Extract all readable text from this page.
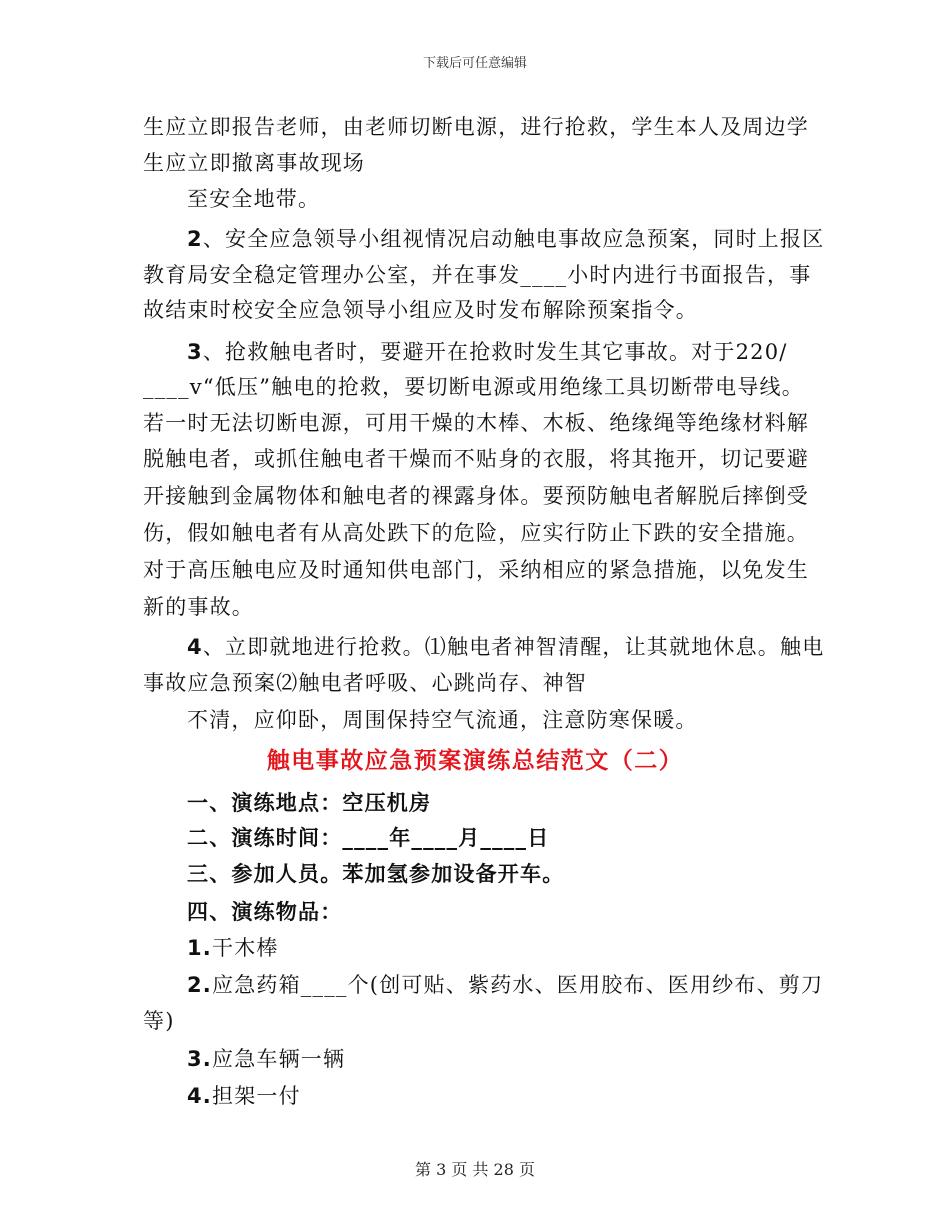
下载后可任意编辑
生应立即报告老师，由老师切断电源，进行抢救，学生本人及周边学
生应立即撤离事故现场
至安全地带。
2、安全应急领导小组视情况启动触电事故应急预案，同时上报区
教育局安全稳定管理办公室，并在事发____小时内进行书面报告，事
故结束时校安全应急领导小组应及时发布解除预案指令。
3、抢救触电者时，要避开在抢救时发生其它事故。对于220/
____v“低压”触电的抢救，要切断电源或用绝缘工具切断带电导线。
若一时无法切断电源，可用干燥的木棒、木板、绝缘绳等绝缘材料解
脱触电者，或抓住触电者干燥而不贴身的衣服，将其拖开，切记要避
开接触到金属物体和触电者的裸露身体。要预防触电者解脱后摔倒受
伤，假如触电者有从高处跌下的危险，应实行防止下跌的安全措施。
对于高压触电应及时通知供电部门，采纳相应的紧急措施，以免发生
新的事故。
4、立即就地进行抢救。⑴触电者神智清醒，让其就地休息。触电
事故应急预案⑵触电者呼吸、心跳尚存、神智
不清，应仰卧，周围保持空气流通，注意防寒保暖。
触电事故应急预案演练总结范文（二）
一、演练地点：空压机房
二、演练时间：____年____月____日
三、参加人员。苯加氢参加设备开车。
四、演练物品：
1.干木棒
2.应急药箱____个(创可贴、紫药水、医用胶布、医用纱布、剪刀
等)
3.应急车辆一辆
4.担架一付
第 3 页 共 28 页
